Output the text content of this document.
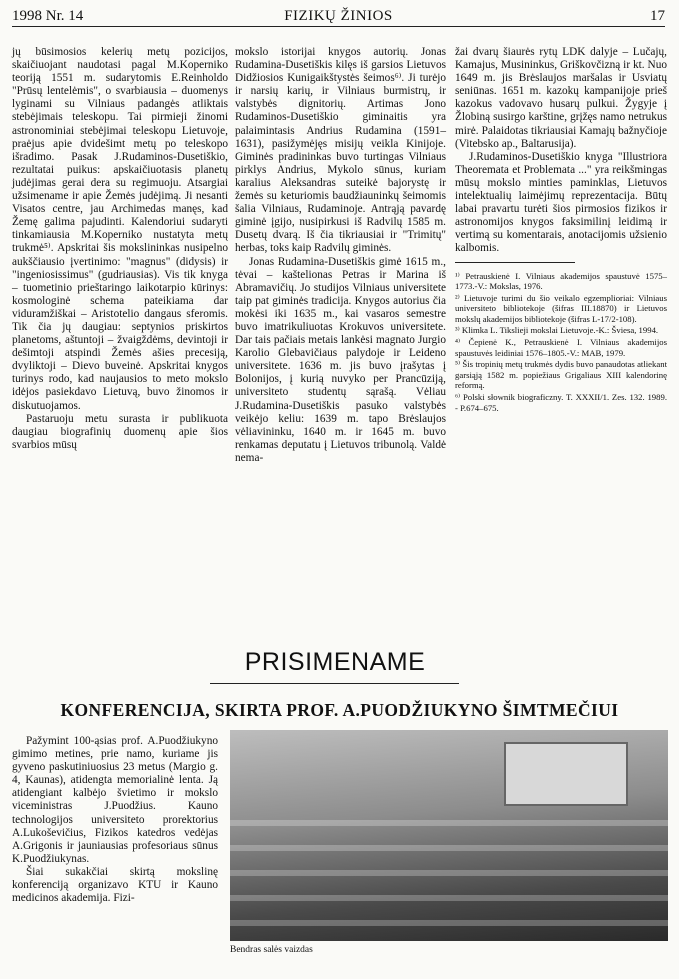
1998 Nr. 14	FIZIKŲ ŽINIOS	17

jų būsimosios kelerių metų pozicijos, skaičiuojant naudotasi pagal M.Koperniko teoriją 1551 m. sudarytomis E.Reinholdo "Prūsų lentelėmis", o svarbiausia – duomenys lyginami su Vilniaus padangės atliktais stebėjimais teleskopu. Tai pirmieji žinomi astronominiai stebėjimai teleskopu Lietuvoje, praėjus apie dvidešimt metų po teleskopo išradimo. Pasak J.Rudaminos-Dusetiškio, rezultatai puikus: apskaičiuotasis planetų judėjimas gerai dera su regimuoju. Atsargiai užsimename ir apie Žemės judėjimą. Ji nesanti Visatos centre, jau Archimedas manęs, kad Žemę galima pajudinti. Kalendoriui sudaryti tinkamiausia M.Koperniko nustatyta metų trukmė⁵⁾. Apskritai šis mokslininkas nusipelno aukščiausio įvertinimo: "magnus" (didysis) ir "ingeniosissimus" (gudriausias). Vis tik knyga – tuometinio prieštaringo laikotarpio kūrinys: kosmologinė schema pateikiama dar viduramžiškai – Aristotelio dangaus sferomis. Tik čia jų daugiau: septynios priskirtos planetoms, aštuntoji – žvaigždėms, devintoji ir dešimtoji atspindi Žemės ašies precesiją, dvyliktoji – Dievo buveinė. Apskritai knygos turinys rodo, kad naujausios to meto mokslo idėjos pasiekdavo Lietuvą, buvo žinomos ir diskutuojamos.

Pastaruoju metu surasta ir publikuota daugiau biografinių duomenų apie šios svarbios mūsų

mokslo istorijai knygos autorių. Jonas Rudamina-Dusetiškis kilęs iš garsios Lietuvos Didžiosios Kunigaikštystės šeimos⁶⁾. Ji turėjo ir narsių karių, ir Vilniaus burmistrų, ir valstybės dignitorių. Artimas Jono Rudaminos-Dusetiškio giminaitis yra palaimintasis Andrius Rudamina (1591–1631), pasižymėjęs misijų veikla Kinijoje. Giminės pradininkas buvo turtingas Vilniaus pirklys Andrius, Mykolo sūnus, kuriam karalius Aleksandras suteikė bajorystę ir žemės su keturiomis baudžiauninkų šeimomis šalia Vilniaus, Rudaminoje. Antrąją pavardę giminė įgijo, nusipirkusi iš Radvilų 1585 m. Dusetų dvarą. Iš čia tikriausiai ir "Trimitų" herbas, toks kaip Radvilų giminės.

Jonas Rudamina-Dusetiškis gimė 1615 m., tėvai – kaštelionas Petras ir Marina iš Abramavičių. Jo studijos Vilniaus universitete taip pat giminės tradicija. Knygos autorius čia mokėsi iki 1635 m., kai vasaros semestre buvo imatrikuliuotas Krokuvos universitete. Dar tais pačiais metais lankėsi magnato Jurgio Karolio Glebavičiaus palydoje ir Leideno universitete. 1636 m. jis buvo įrašytas į Bolonijos, į kurią nuvyko per Prancūziją, universiteto studentų sąrašą. Vėliau J.Rudamina-Dusetiškis pasuko valstybės veikėjo keliu: 1639 m. tapo Brėslaujos vėliavininku, 1640 m. ir 1645 m. buvo renkamas deputatu į Lietuvos tribunolą. Valdė nema-

žai dvarų šiaurės rytų LDK dalyje – Lučajų, Kamajus, Musininkus, Griškovčizną ir kt. Nuo 1649 m. jis Brėslaujos maršalas ir Usviatų seniūnas. 1651 m. kazokų kampanijoje prieš kazokus vadovavo husarų pulkui. Žygyje į Žlobiną susirgo karštine, grįžęs namo netrukus mirė. Palaidotas tikriausiai Kamajų bažnyčioje (Vitebsko ap., Baltarusija).

J.Rudaminos-Dusetiškio knyga "Illustriora Theoremata et Problemata ..." yra reikšmingas mūsų mokslo minties paminklas, Lietuvos intelektualių laimėjimų reprezentacija. Būtų labai pravartu turėti šios pirmosios fizikos ir astronomijos knygos faksimilinį leidimą ir vertimą su komentarais, anotacijomis užsienio kalbomis.

¹⁾ Petrauskienė I. Vilniaus akademijos spaustuvė 1575–1773.-V.: Mokslas, 1976.
²⁾ Lietuvoje turimi du šio veikalo egzemplioriai: Vilniaus universiteto bibliotekoje (šifras III.18870) ir Lietuvos mokslų akademijos bibliotekoje (šifras L-17/2-108).
³⁾ Klimka L. Tiksliejі mokslai Lietuvoje.-K.: Šviesa, 1994.
⁴⁾ Čepienė K., Petrauskienė I. Vilniaus akademijos spaustuvės leidiniai 1576–1805.-V.: MAB, 1979.
⁵⁾ Šis tropinių metų trukmės dydis buvo panaudotas atliekant garsiąją 1582 m. popiežiaus Grigaliaus XIII kalendorinę reformą.
⁶⁾ Polski słownik biograficzny. T. XXXII/1. Zes. 132. 1989. - P.674–675.
PRISIMENAME
KONFERENCIJA, SKIRTA PROF. A.PUODŽIUKYNO ŠIMTMEČIUI

Pažymint 100-ąsias prof. A.Puodžiukyno gimimo metines, prie namo, kuriame jis gyveno paskutiniuosius 23 metus (Margio g. 4, Kaunas), atidengta memorialinė lenta. Ją atidengiant kalbėjo švietimo ir mokslo viceministras J.Puodžius. Kauno technologijos universiteto prorektorius A.Lukoševičius, Fizikos katedros vedėjas A.Grigonis ir jauniausias profesoriaus sūnus K.Puodžiukynas.

Šiai sukakčiai skirtą mokslinę konferenciją organizavo KTU ir Kauno medicinos akademija. Fizi-

Bendras salės vaizdas
